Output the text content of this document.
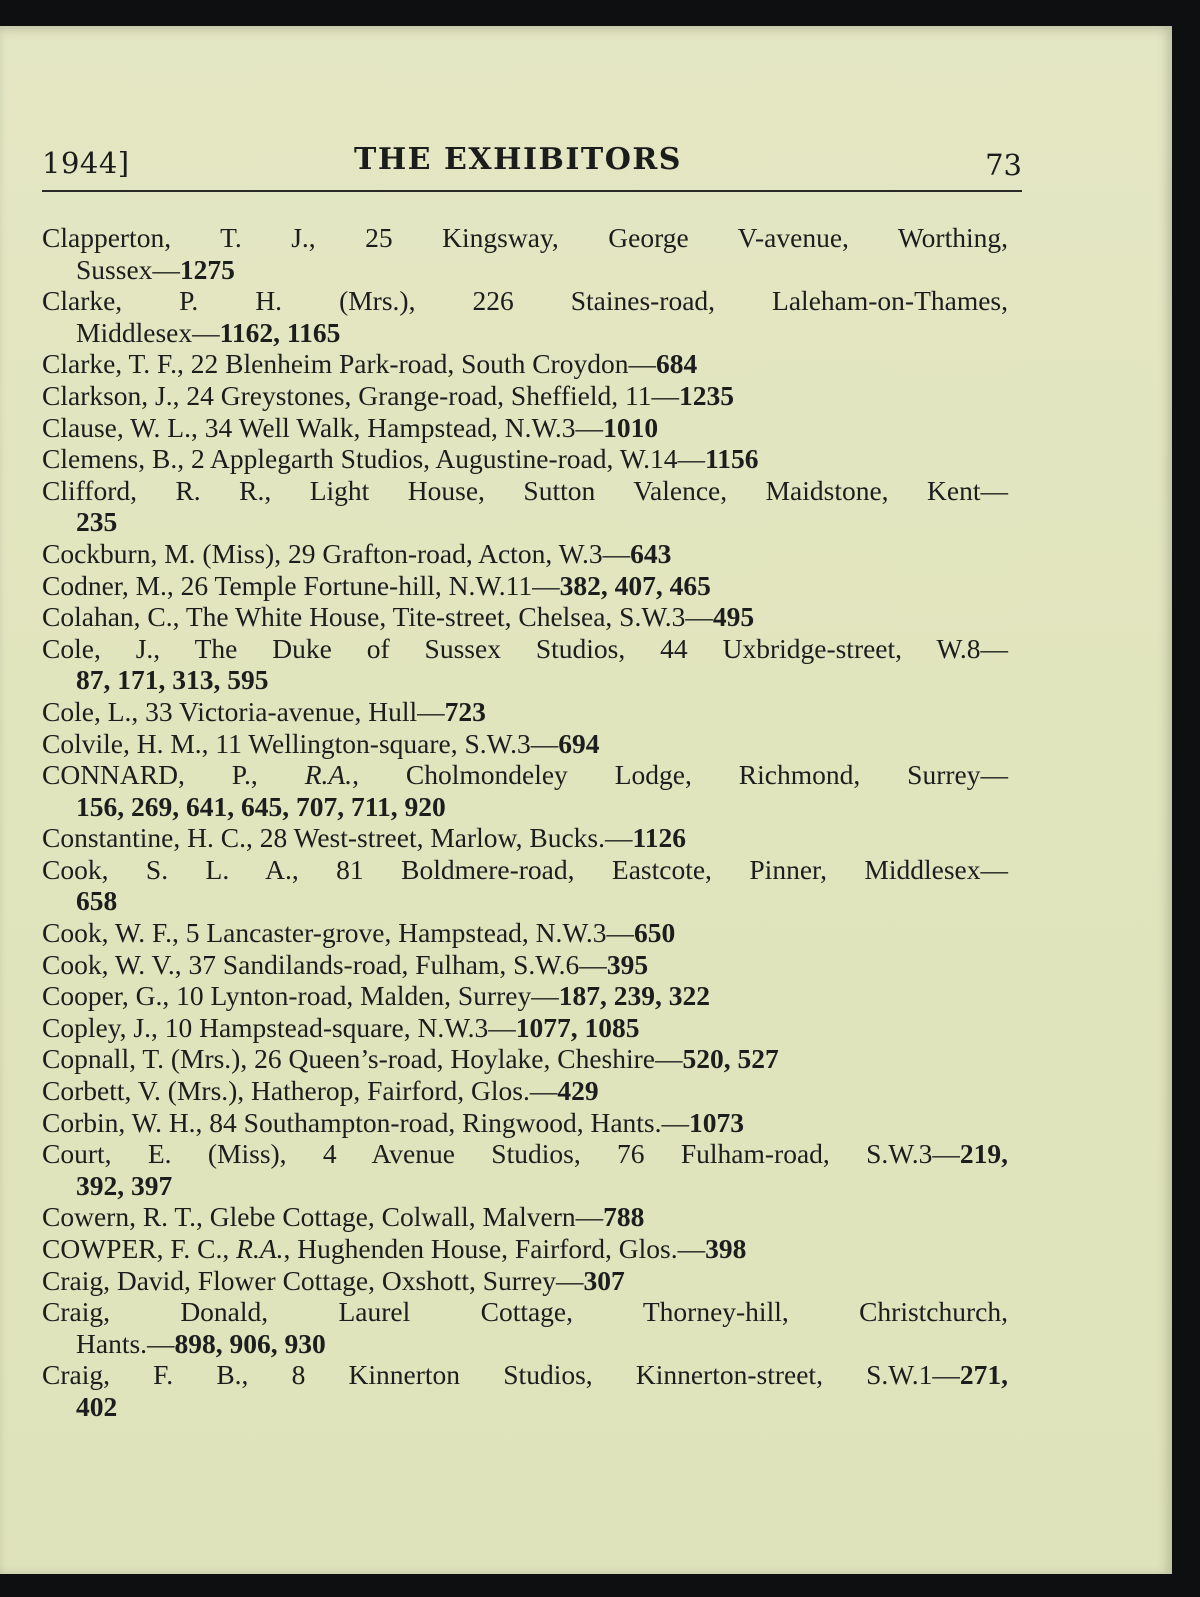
1944]	THE EXHIBITORS	73

Clapperton, T. J., 25 Kingsway, George V-avenue, Worthing,
Sussex—1275

Clarke, P. H. (Mrs.), 226 Staines-road, Laleham-on-Thames,
Middlesex—1162, 1165

Clarke, T. F., 22 Blenheim Park-road, South Croydon—684

Clarkson, J., 24 Greystones, Grange-road, Sheffield, 11—1235

Clause, W. L., 34 Well Walk, Hampstead, N.W.3—1010

Clemens, B., 2 Applegarth Studios, Augustine-road, W.14—1156

Clifford, R. R., Light House, Sutton Valence, Maidstone, Kent—
235

Cockburn, M. (Miss), 29 Grafton-road, Acton, W.3—643

Codner, M., 26 Temple Fortune-hill, N.W.11—382, 407, 465

Colahan, C., The White House, Tite-street, Chelsea, S.W.3—495

Cole, J., The Duke of Sussex Studios, 44 Uxbridge-street, W.8—
87, 171, 313, 595

Cole, L., 33 Victoria-avenue, Hull—723

Colvile, H. M., 11 Wellington-square, S.W.3—694

CONNARD, P., R.A., Cholmondeley Lodge, Richmond, Surrey—
156, 269, 641, 645, 707, 711, 920

Constantine, H. C., 28 West-street, Marlow, Bucks.—1126

Cook, S. L. A., 81 Boldmere-road, Eastcote, Pinner, Middlesex—
658

Cook, W. F., 5 Lancaster-grove, Hampstead, N.W.3—650

Cook, W. V., 37 Sandilands-road, Fulham, S.W.6—395

Cooper, G., 10 Lynton-road, Malden, Surrey—187, 239, 322

Copley, J., 10 Hampstead-square, N.W.3—1077, 1085

Copnall, T. (Mrs.), 26 Queen’s-road, Hoylake, Cheshire—520, 527

Corbett, V. (Mrs.), Hatherop, Fairford, Glos.—429

Corbin, W. H., 84 Southampton-road, Ringwood, Hants.—1073

Court, E. (Miss), 4 Avenue Studios, 76 Fulham-road, S.W.3—219,
392, 397

Cowern, R. T., Glebe Cottage, Colwall, Malvern—788

COWPER, F. C., R.A., Hughenden House, Fairford, Glos.—398

Craig, David, Flower Cottage, Oxshott, Surrey—307

Craig, Donald, Laurel Cottage, Thorney-hill, Christchurch,
Hants.—898, 906, 930

Craig, F. B., 8 Kinnerton Studios, Kinnerton-street, S.W.1—271,
402
